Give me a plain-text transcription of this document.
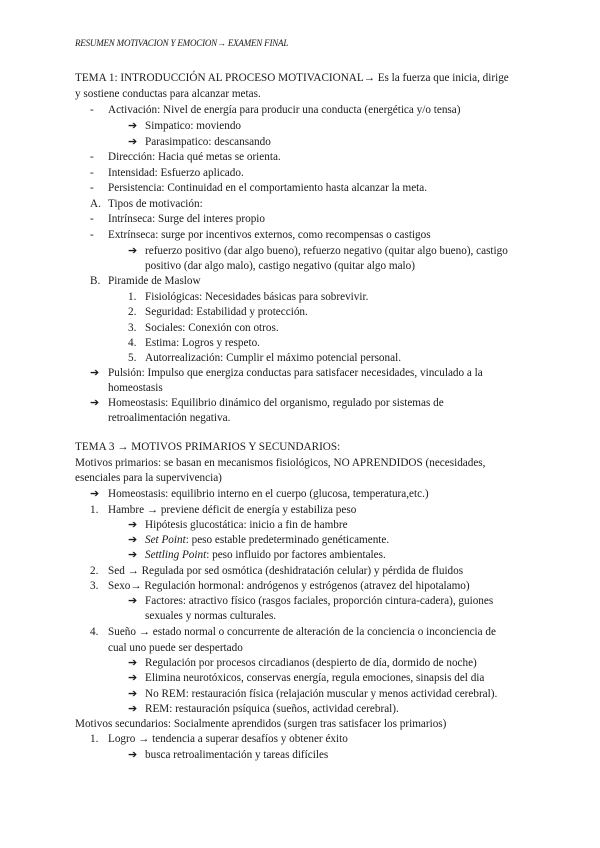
RESUMEN MOTIVACION Y EMOCION→ EXAMEN FINAL
TEMA 1: INTRODUCCIÓN AL PROCESO MOTIVACIONAL→ Es la fuerza que inicia, dirige
y sostiene conductas para alcanzar metas.
- Activación: Nivel de energía para producir una conducta (energética y/o tensa)
➔ Simpatico: moviendo
➔ Parasimpatico: descansando
- Dirección: Hacia qué metas se orienta.
- Intensidad: Esfuerzo aplicado.
- Persistencia: Continuidad en el comportamiento hasta alcanzar la meta.
A. Tipos de motivación:
- Intrínseca: Surge del interes propio
- Extrínseca: surge por incentivos externos, como recompensas o castigos
➔ refuerzo positivo (dar algo bueno), refuerzo negativo (quitar algo bueno), castigo
positivo (dar algo malo), castigo negativo (quitar algo malo)
B. Piramide de Maslow
1. Fisiológicas: Necesidades básicas para sobrevivir.
2. Seguridad: Estabilidad y protección.
3. Sociales: Conexión con otros.
4. Estima: Logros y respeto.
5. Autorrealización: Cumplir el máximo potencial personal.
➔ Pulsión: Impulso que energiza conductas para satisfacer necesidades, vinculado a la
homeostasis
➔ Homeostasis: Equilibrio dinámico del organismo, regulado por sistemas de
retroalimentación negativa.
TEMA 3 → MOTIVOS PRIMARIOS Y SECUNDARIOS:
Motivos primarios: se basan en mecanismos fisiológicos, NO APRENDIDOS (necesidades,
esenciales para la supervivencia)
➔ Homeostasis: equilibrio interno en el cuerpo (glucosa, temperatura,etc.)
1. Hambre → previene déficit de energía y estabiliza peso
➔ Hipótesis glucostática: inicio a fin de hambre
➔ Set Point: peso estable predeterminado genéticamente.
➔ Settling Point: peso influido por factores ambientales.
2. Sed → Regulada por sed osmótica (deshidratación celular) y pérdida de fluidos
3. Sexo→ Regulación hormonal: andrógenos y estrógenos (atravez del hipotalamo)
➔ Factores: atractivo físico (rasgos faciales, proporción cintura-cadera), guiones
sexuales y normas culturales.
4. Sueño → estado normal o concurrente de alteración de la conciencia o inconciencia de
cual uno puede ser despertado
➔ Regulación por procesos circadianos (despierto de día, dormido de noche)
➔ Elimina neurotóxicos, conservas energía, regula emociones, sinapsis del dia
➔ No REM: restauración física (relajación muscular y menos actividad cerebral).
➔ REM: restauración psíquica (sueños, actividad cerebral).
Motivos secundarios: Socialmente aprendidos (surgen tras satisfacer los primarios)
1. Logro → tendencia a superar desafíos y obtener éxito
➔ busca retroalimentación y tareas difíciles
